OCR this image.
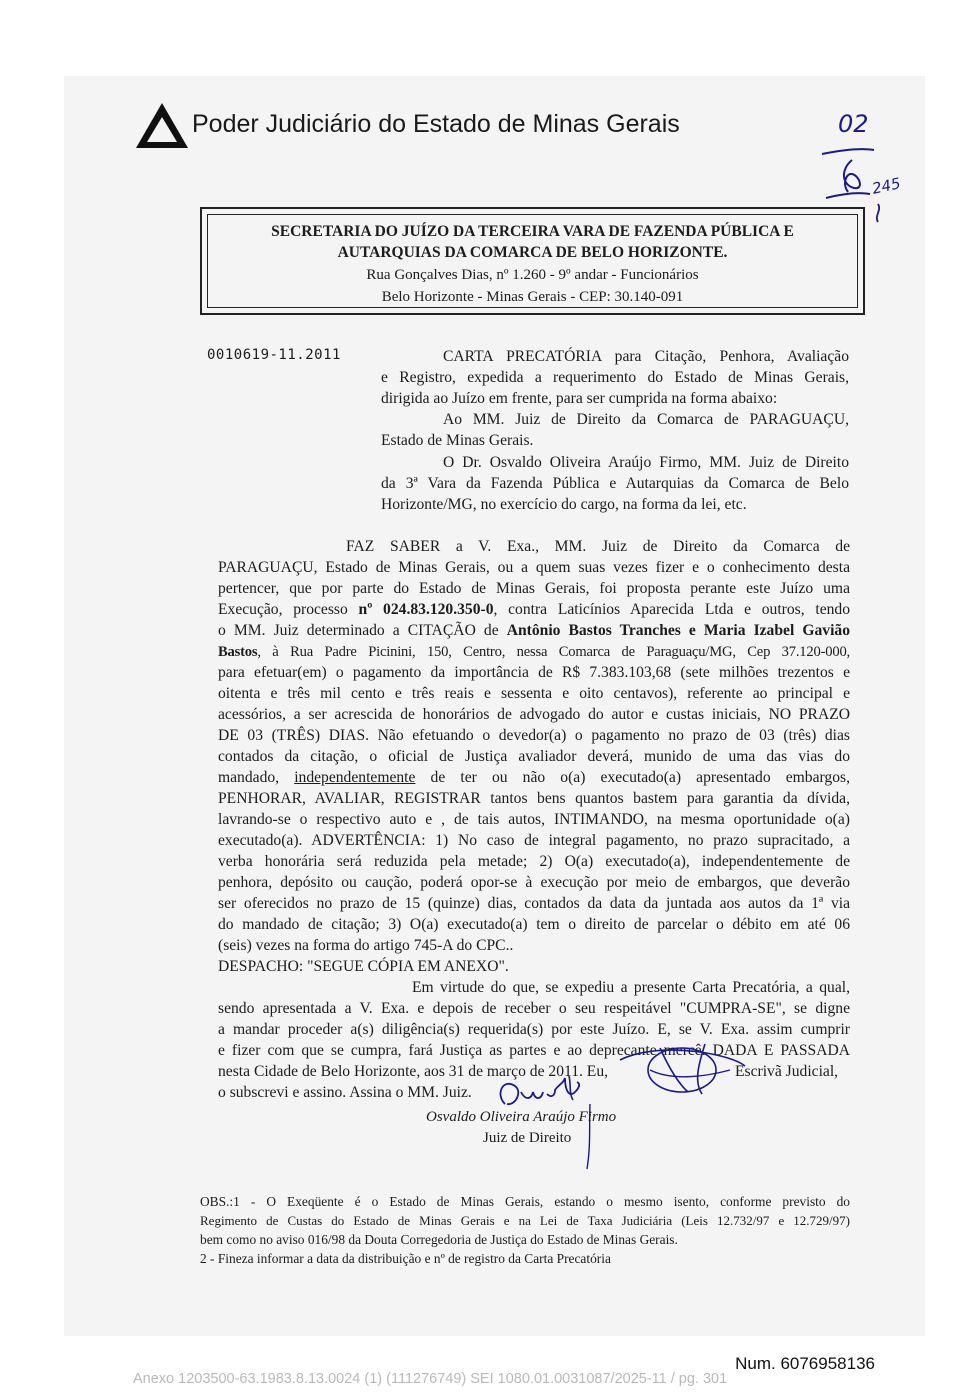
Poder Judiciário do Estado de Minas Gerais	02
245
SECRETARIA DO JUÍZO DA TERCEIRA VARA DE FAZENDA PÚBLICA E
AUTARQUIAS DA COMARCA DE BELO HORIZONTE.
Rua Gonçalves Dias, nº 1.260 - 9º andar - Funcionários
Belo Horizonte - Minas Gerais - CEP: 30.140-091
0010619-11.2011	CARTA PRECATÓRIA para Citação, Penhora, Avaliação
e Registro, expedida a requerimento do Estado de Minas Gerais,
dirigida ao Juízo em frente, para ser cumprida na forma abaixo:
Ao MM. Juiz de Direito da Comarca de PARAGUAÇU,
Estado de Minas Gerais.
O Dr. Osvaldo Oliveira Araújo Firmo, MM. Juiz de Direito
da 3ª Vara da Fazenda Pública e Autarquias da Comarca de Belo
Horizonte/MG, no exercício do cargo, na forma da lei, etc.
FAZ SABER a V. Exa., MM. Juiz de Direito da Comarca de
PARAGUAÇU, Estado de Minas Gerais, ou a quem suas vezes fizer e o conhecimento desta
pertencer, que por parte do Estado de Minas Gerais, foi proposta perante este Juízo uma
Execução, processo nº 024.83.120.350-0, contra Laticínios Aparecida Ltda e outros, tendo
o MM. Juiz determinado a CITAÇÃO de Antônio Bastos Tranches e Maria Izabel Gavião
Bastos, à Rua Padre Picinini, 150, Centro, nessa Comarca de Paraguaçu/MG, Cep 37.120-000,
para efetuar(em) o pagamento da importância de R$ 7.383.103,68 (sete milhões trezentos e
oitenta e três mil cento e três reais e sessenta e oito centavos), referente ao principal e
acessórios, a ser acrescida de honorários de advogado do autor e custas iniciais, NO PRAZO
DE 03 (TRÊS) DIAS. Não efetuando o devedor(a) o pagamento no prazo de 03 (três) dias
contados da citação, o oficial de Justiça avaliador deverá, munido de uma das vias do
mandado, independentemente de ter ou não o(a) executado(a) apresentado embargos,
PENHORAR, AVALIAR, REGISTRAR tantos bens quantos bastem para garantia da dívida,
lavrando-se o respectivo auto e , de tais autos, INTIMANDO, na mesma oportunidade o(a)
executado(a). ADVERTÊNCIA: 1) No caso de integral pagamento, no prazo supracitado, a
verba honorária será reduzida pela metade; 2) O(a) executado(a), independentemente de
penhora, depósito ou caução, poderá opor-se à execução por meio de embargos, que deverão
ser oferecidos no prazo de 15 (quinze) dias, contados da data da juntada aos autos da 1ª via
do mandado de citação; 3) O(a) executado(a) tem o direito de parcelar o débito em até 06
(seis) vezes na forma do artigo 745-A do CPC..
DESPACHO: "SEGUE CÓPIA EM ANEXO".
Em virtude do que, se expediu a presente Carta Precatória, a qual,
sendo apresentada a V. Exa. e depois de receber o seu respeitável "CUMPRA-SE", se digne
a mandar proceder a(s) diligência(s) requerida(s) por este Juízo. E, se V. Exa. assim cumprir
e fizer com que se cumpra, fará Justiça as partes e ao deprecante mercê. DADA E PASSADA
nesta Cidade de Belo Horizonte, aos 31 de março de 2011. Eu,	Escrivã Judicial,
o subscrevi e assino. Assina o MM. Juiz.
Osvaldo Oliveira Araújo Firmo
Juiz de Direito
OBS.:1 - O Exeqüente é o Estado de Minas Gerais, estando o mesmo isento, conforme previsto do
Regimento de Custas do Estado de Minas Gerais e na Lei de Taxa Judiciária (Leis 12.732/97 e 12.729/97)
bem como no aviso 016/98 da Douta Corregedoria de Justiça do Estado de Minas Gerais.
2 - Fineza informar a data da distribuição e nº de registro da Carta Precatória
Num. 6076958136
Anexo 1203500-63.1983.8.13.0024 (1) (111276749) SEI 1080.01.0031087/2025-11 / pg. 301
